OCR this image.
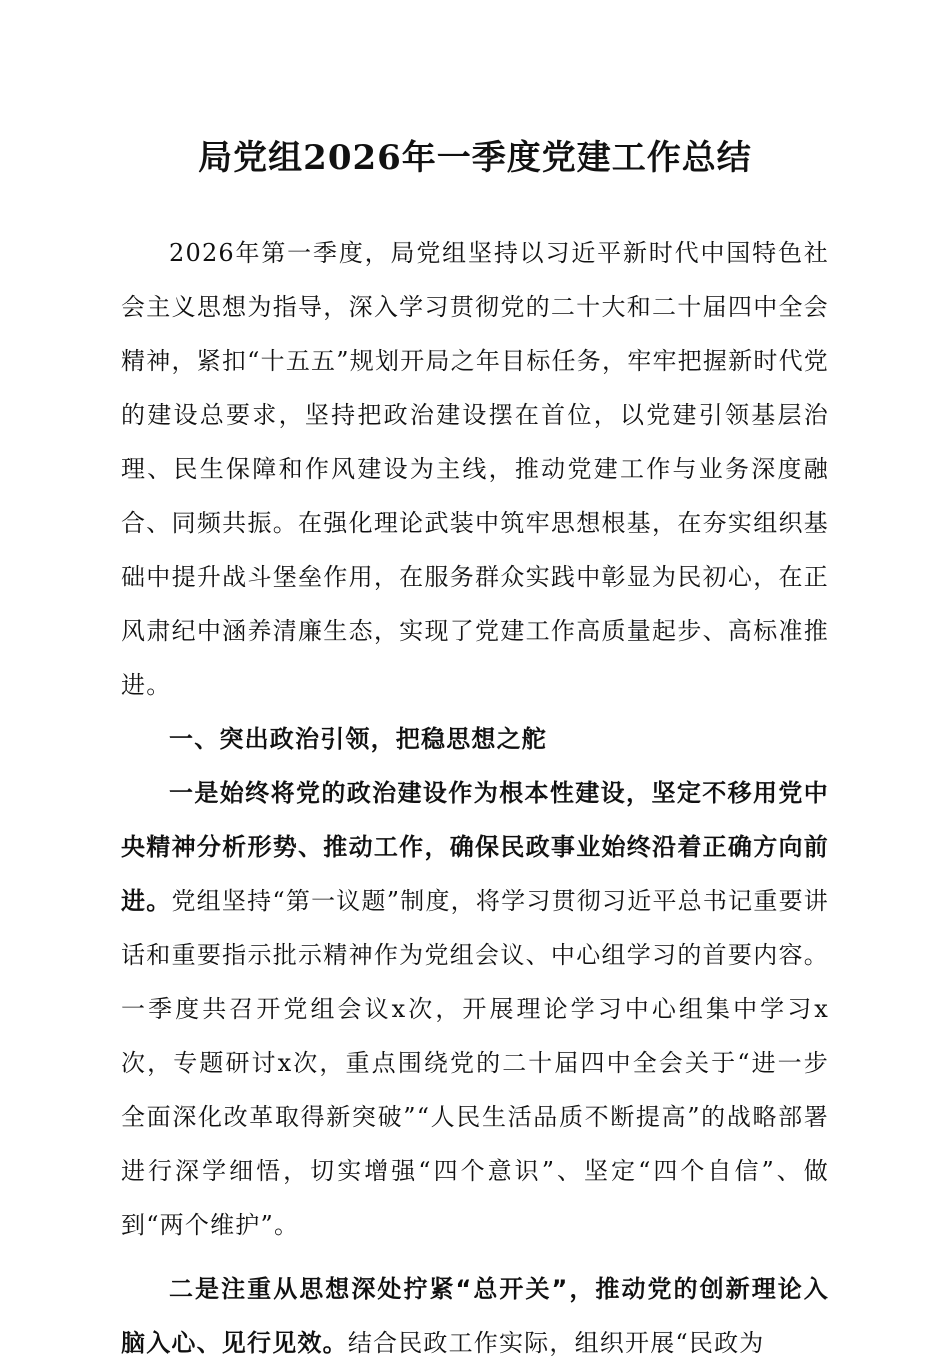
局党组2026年一季度党建工作总结

2026年第一季度，局党组坚持以习近平新时代中国特色社会主义思想为指导，深入学习贯彻党的二十大和二十届四中全会精神，紧扣“十五五”规划开局之年目标任务，牢牢把握新时代党的建设总要求，坚持把政治建设摆在首位，以党建引领基层治理、民生保障和作风建设为主线，推动党建工作与业务深度融合、同频共振。在强化理论武装中筑牢思想根基，在夯实组织基础中提升战斗堡垒作用，在服务群众实践中彰显为民初心，在正风肃纪中涵养清廉生态，实现了党建工作高质量起步、高标准推进。

一、突出政治引领，把稳思想之舵

一是始终将党的政治建设作为根本性建设，坚定不移用党中央精神分析形势、推动工作，确保民政事业始终沿着正确方向前进。党组坚持“第一议题”制度，将学习贯彻习近平总书记重要讲话和重要指示批示精神作为党组会议、中心组学习的首要内容。一季度共召开党组会议x次，开展理论学习中心组集中学习x次，专题研讨x次，重点围绕党的二十届四中全会关于“进一步全面深化改革取得新突破”“人民生活品质不断提高”的战略部署进行深学细悟，切实增强“四个意识”、坚定“四个自信”、做到“两个维护”。

二是注重从思想深处拧紧“总开关”，推动党的创新理论入脑入心、见行见效。结合民政工作实际，组织开展“民政为
